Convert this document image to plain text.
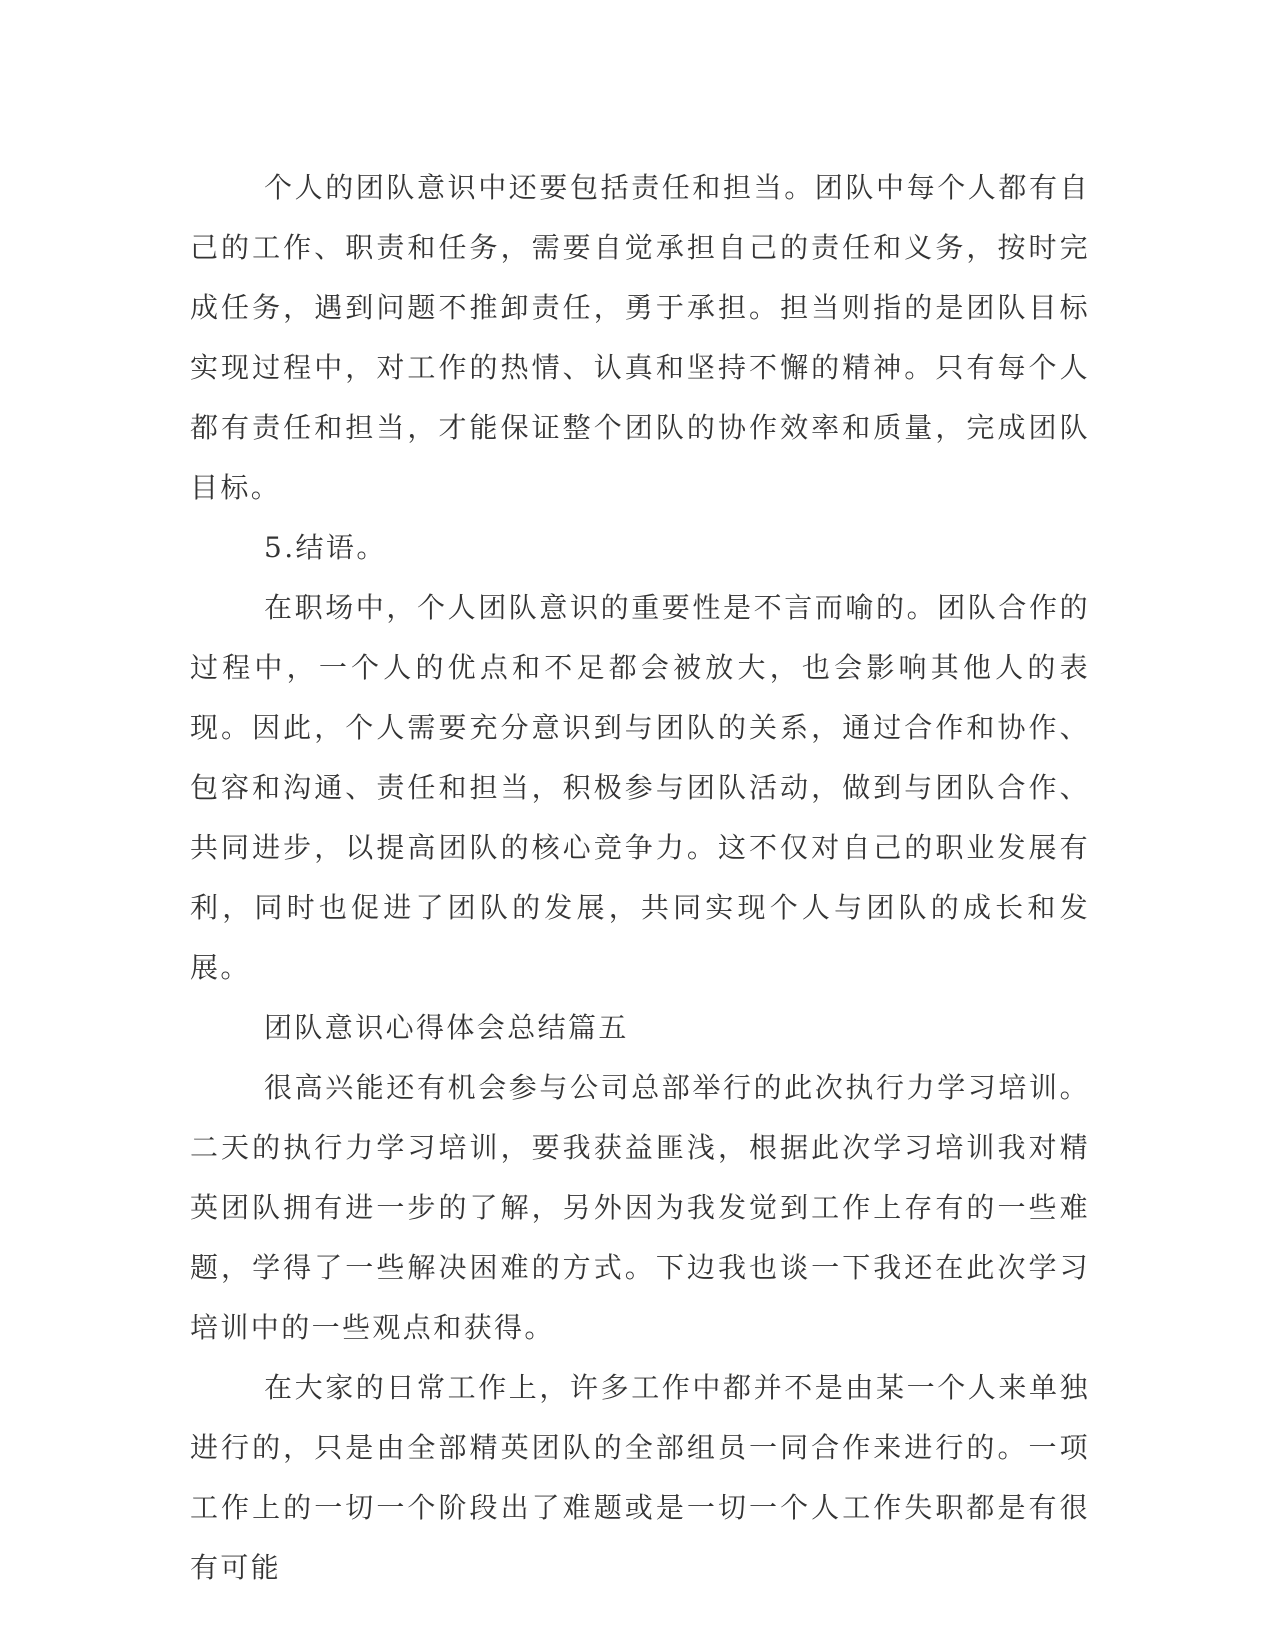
个人的团队意识中还要包括责任和担当。团队中每个人都有自己的工作、职责和任务，需要自觉承担自己的责任和义务，按时完成任务，遇到问题不推卸责任，勇于承担。担当则指的是团队目标实现过程中，对工作的热情、认真和坚持不懈的精神。只有每个人都有责任和担当，才能保证整个团队的协作效率和质量，完成团队目标。

5.结语。

在职场中，个人团队意识的重要性是不言而喻的。团队合作的过程中，一个人的优点和不足都会被放大，也会影响其他人的表现。因此，个人需要充分意识到与团队的关系，通过合作和协作、包容和沟通、责任和担当，积极参与团队活动，做到与团队合作、共同进步，以提高团队的核心竞争力。这不仅对自己的职业发展有利，同时也促进了团队的发展，共同实现个人与团队的成长和发展。

团队意识心得体会总结篇五

很高兴能还有机会参与公司总部举行的此次执行力学习培训。二天的执行力学习培训，要我获益匪浅，根据此次学习培训我对精英团队拥有进一步的了解，另外因为我发觉到工作上存有的一些难题，学得了一些解决困难的方式。下边我也谈一下我还在此次学习培训中的一些观点和获得。

在大家的日常工作上，许多工作中都并不是由某一个人来单独进行的，只是由全部精英团队的全部组员一同合作来进行的。一项工作上的一切一个阶段出了难题或是一切一个人工作失职都是有很有可能
